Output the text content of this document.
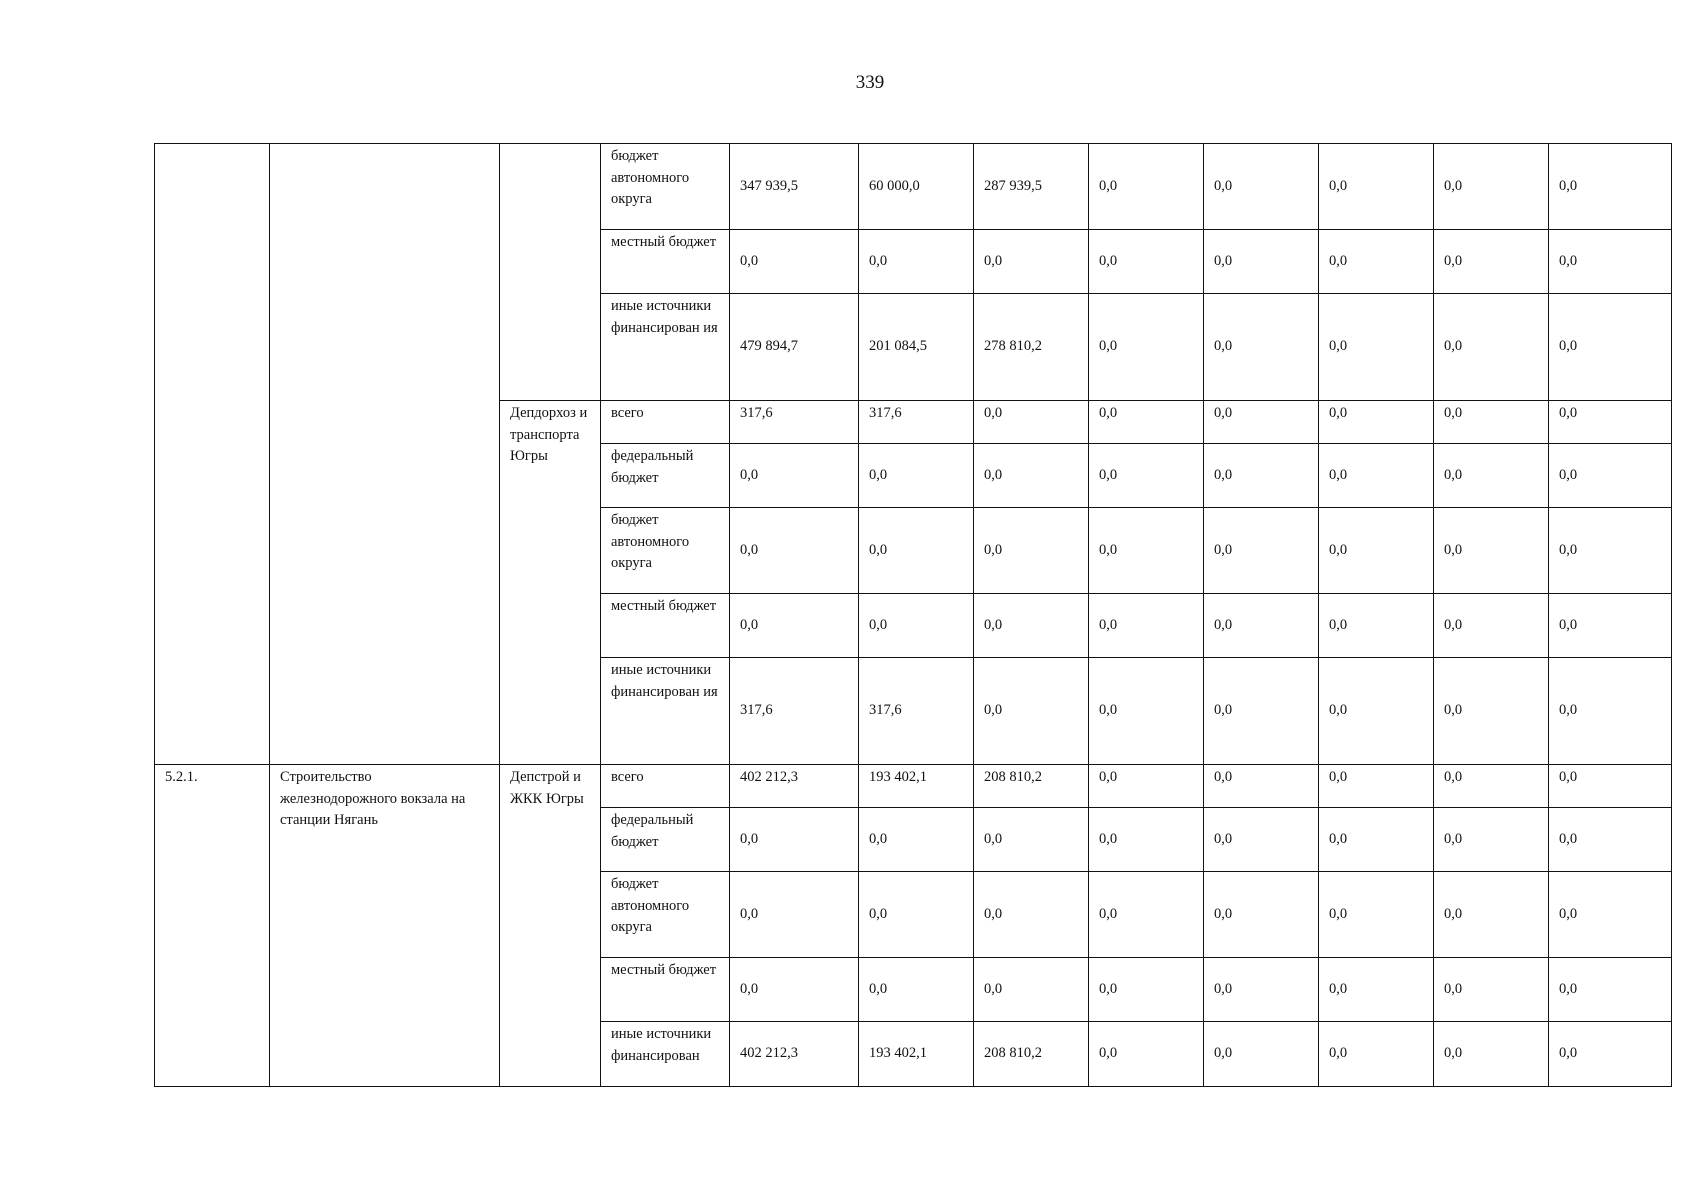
339
			бюджет автономного округа	347 939,5	60 000,0	287 939,5	0,0	0,0	0,0	0,0	0,0
			местный бюджет	0,0	0,0	0,0	0,0	0,0	0,0	0,0	0,0
			иные источники финансирован ия	479 894,7	201 084,5	278 810,2	0,0	0,0	0,0	0,0	0,0
		Депдорхоз и транспорта Югры	всего	317,6	317,6	0,0	0,0	0,0	0,0	0,0	0,0
			федеральный бюджет	0,0	0,0	0,0	0,0	0,0	0,0	0,0	0,0
			бюджет автономного округа	0,0	0,0	0,0	0,0	0,0	0,0	0,0	0,0
			местный бюджет	0,0	0,0	0,0	0,0	0,0	0,0	0,0	0,0
			иные источники финансирован ия	317,6	317,6	0,0	0,0	0,0	0,0	0,0	0,0
5.2.1.	Строительство железнодорожного вокзала на станции Нягань	Депстрой и ЖКК Югры	всего	402 212,3	193 402,1	208 810,2	0,0	0,0	0,0	0,0	0,0
			федеральный бюджет	0,0	0,0	0,0	0,0	0,0	0,0	0,0	0,0
			бюджет автономного округа	0,0	0,0	0,0	0,0	0,0	0,0	0,0	0,0
			местный бюджет	0,0	0,0	0,0	0,0	0,0	0,0	0,0	0,0
			иные источники финансирован	402 212,3	193 402,1	208 810,2	0,0	0,0	0,0	0,0	0,0
